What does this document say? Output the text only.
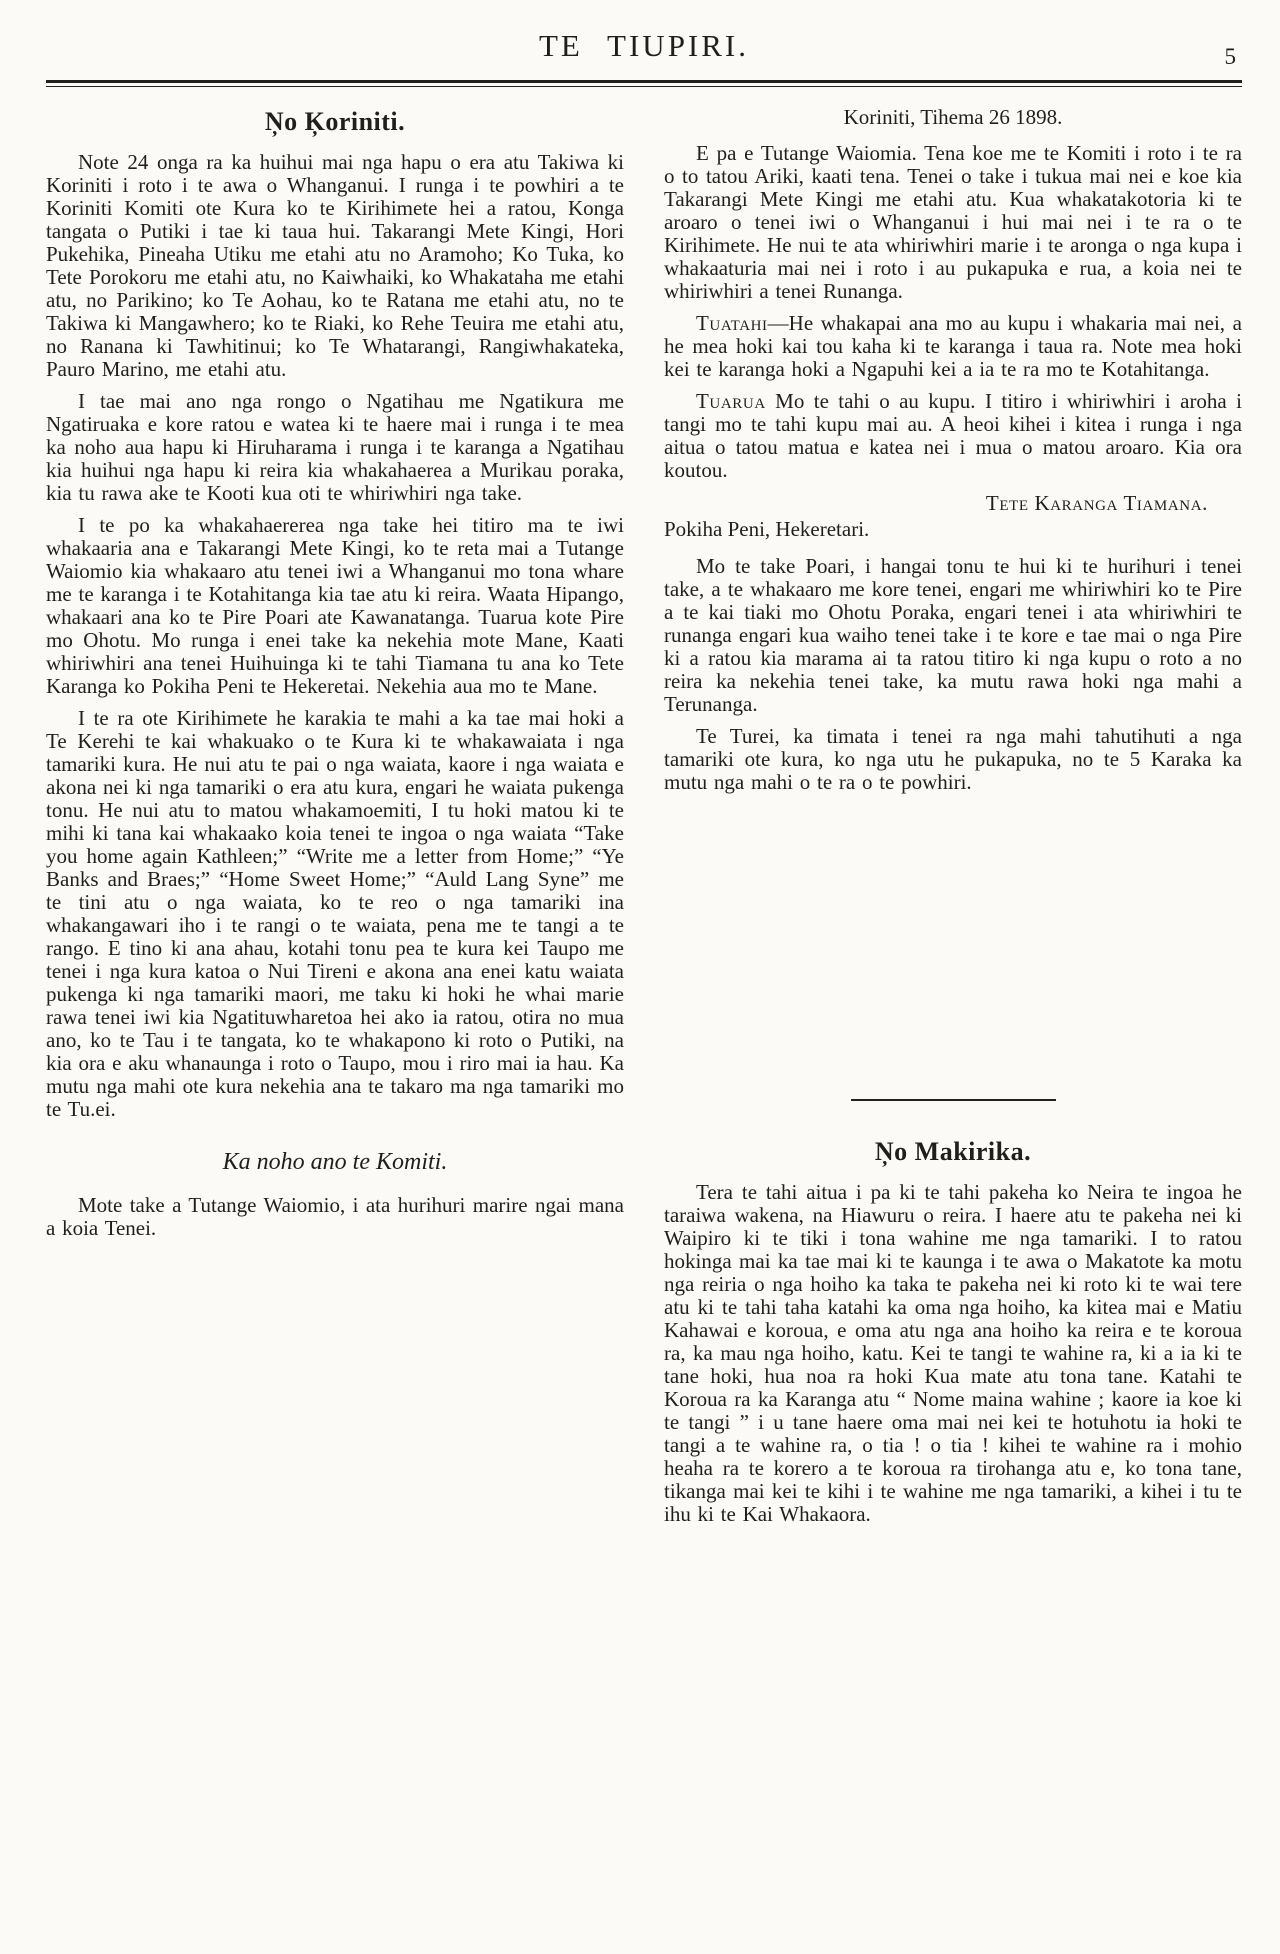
TE TIUPIRI.	5
Ņo Ķoriniti.

Note 24 onga ra ka huihui mai nga hapu o era atu Takiwa ki Koriniti i roto i te awa o Whanganui. I runga i te powhiri a te Koriniti Komiti ote Kura ko te Kirihimete hei a ratou, Konga tangata o Putiki i tae ki taua hui. Takarangi Mete Kingi, Hori Pukehika, Pineaha Utiku me etahi atu no Aramoho; Ko Tuka, ko Tete Porokoru me etahi atu, no Kaiwhaiki, ko Whakataha me etahi atu, no Parikino; ko Te Aohau, ko te Ratana me etahi atu, no te Takiwa ki Mangawhero; ko te Riaki, ko Rehe Teuira me etahi atu, no Ranana ki Tawhitinui; ko Te Whatarangi, Rangiwhakateka, Pauro Marino, me etahi atu.

I tae mai ano nga rongo o Ngatihau me Ngatikura me Ngatiruaka e kore ratou e watea ki te haere mai i runga i te mea ka noho aua hapu ki Hiruharama i runga i te karanga a Ngatihau kia huihui nga hapu ki reira kia whakahaerea a Murikau poraka, kia tu rawa ake te Kooti kua oti te whiriwhiri nga take.

I te po ka whakahaererea nga take hei titiro ma te iwi whakaaria ana e Takarangi Mete Kingi, ko te reta mai a Tutange Waiomio kia whakaaro atu tenei iwi a Whanganui mo tona whare me te karanga i te Kotahitanga kia tae atu ki reira. Waata Hipango, whakaari ana ko te Pire Poari ate Kawanatanga. Tuarua kote Pire mo Ohotu. Mo runga i enei take ka nekehia mote Mane, Kaati whiriwhiri ana tenei Huihuinga ki te tahi Tiamana tu ana ko Tete Karanga ko Pokiha Peni te Hekeretai. Nekehia aua mo te Mane.

I te ra ote Kirihimete he karakia te mahi a ka tae mai hoki a Te Kerehi te kai whakuako o te Kura ki te whakawaiata i nga tamariki kura. He nui atu te pai o nga waiata, kaore i nga waiata e akona nei ki nga tamariki o era atu kura, engari he waiata pukenga tonu. He nui atu to matou whakamoemiti, I tu hoki matou ki te mihi ki tana kai whakaako koia tenei te ingoa o nga waiata “Take you home again Kathleen;” “Write me a letter from Home;” “Ye Banks and Braes;” “Home Sweet Home;” “Auld Lang Syne” me te tini atu o nga waiata, ko te reo o nga tamariki ina whakangawari iho i te rangi o te waiata, pena me te tangi a te rango. E tino ki ana ahau, kotahi tonu pea te kura kei Taupo me tenei i nga kura katoa o Nui Tireni e akona ana enei katu waiata pukenga ki nga tamariki maori, me taku ki hoki he whai marie rawa tenei iwi kia Ngatituwharetoa hei ako ia ratou, otira no mua ano, ko te Tau i te tangata, ko te whakapono ki roto o Putiki, na kia ora e aku whanaunga i roto o Taupo, mou i riro mai ia hau. Ka mutu nga mahi ote kura nekehia ana te takaro ma nga tamariki mo te Tu.ei.

Ka noho ano te Komiti.

Mote take a Tutange Waiomio, i ata hurihuri marire ngai mana a koia Tenei.

Koriniti, Tihema 26 1898.

E pa e Tutange Waiomia. Tena koe me te Komiti i roto i te ra o to tatou Ariki, kaati tena. Tenei o take i tukua mai nei e koe kia Takarangi Mete Kingi me etahi atu. Kua whakatakotoria ki te aroaro o tenei iwi o Whanganui i hui mai nei i te ra o te Kirihimete. He nui te ata whiriwhiri marie i te aronga o nga kupa i whakaaturia mai nei i roto i au pukapuka e rua, a koia nei te whiriwhiri a tenei Runanga.

Tuatahi—He whakapai ana mo au kupu i whakaria mai nei, a he mea hoki kai tou kaha ki te karanga i taua ra. Note mea hoki kei te karanga hoki a Ngapuhi kei a ia te ra mo te Kotahitanga.

Tuarua Mo te tahi o au kupu. I titiro i whiriwhiri i aroha i tangi mo te tahi kupu mai au. A heoi kihei i kitea i runga i nga aitua o tatou matua e katea nei i mua o matou aroaro. Kia ora koutou.

Tete Karanga Tiamana.
Pokiha Peni, Hekeretari.

Mo te take Poari, i hangai tonu te hui ki te hurihuri i tenei take, a te whakaaro me kore tenei, engari me whiriwhiri ko te Pire a te kai tiaki mo Ohotu Poraka, engari tenei i ata whiriwhiri te runanga engari kua waiho tenei take i te kore e tae mai o nga Pire ki a ratou kia marama ai ta ratou titiro ki nga kupu o roto a no reira ka nekehia tenei take, ka mutu rawa hoki nga mahi a Terunanga.

Te Turei, ka timata i tenei ra nga mahi tahutihuti a nga tamariki ote kura, ko nga utu he pukapuka, no te 5 Karaka ka mutu nga mahi o te ra o te powhiri.

Ņo Makirika.

Tera te tahi aitua i pa ki te tahi pakeha ko Neira te ingoa he taraiwa wakena, na Hiawuru o reira. I haere atu te pakeha nei ki Waipiro ki te tiki i tona wahine me nga tamariki. I to ratou hokinga mai ka tae mai ki te kaunga i te awa o Makatote ka motu nga reiria o nga hoiho ka taka te pakeha nei ki roto ki te wai tere atu ki te tahi taha katahi ka oma nga hoiho, ka kitea mai e Matiu Kahawai e koroua, e oma atu nga ana hoiho ka reira e te koroua ra, ka mau nga hoiho, katu. Kei te tangi te wahine ra, ki a ia ki te tane hoki, hua noa ra hoki Kua mate atu tona tane. Katahi te Koroua ra ka Karanga atu “ Nome maina wahine ; kaore ia koe ki te tangi ” i u tane haere oma mai nei kei te hotuhotu ia hoki te tangi a te wahine ra, o tia ! o tia ! kihei te wahine ra i mohio heaha ra te korero a te koroua ra tirohanga atu e, ko tona tane, tikanga mai kei te kihi i te wahine me nga tamariki, a kihei i tu te ihu ki te Kai Whakaora.
